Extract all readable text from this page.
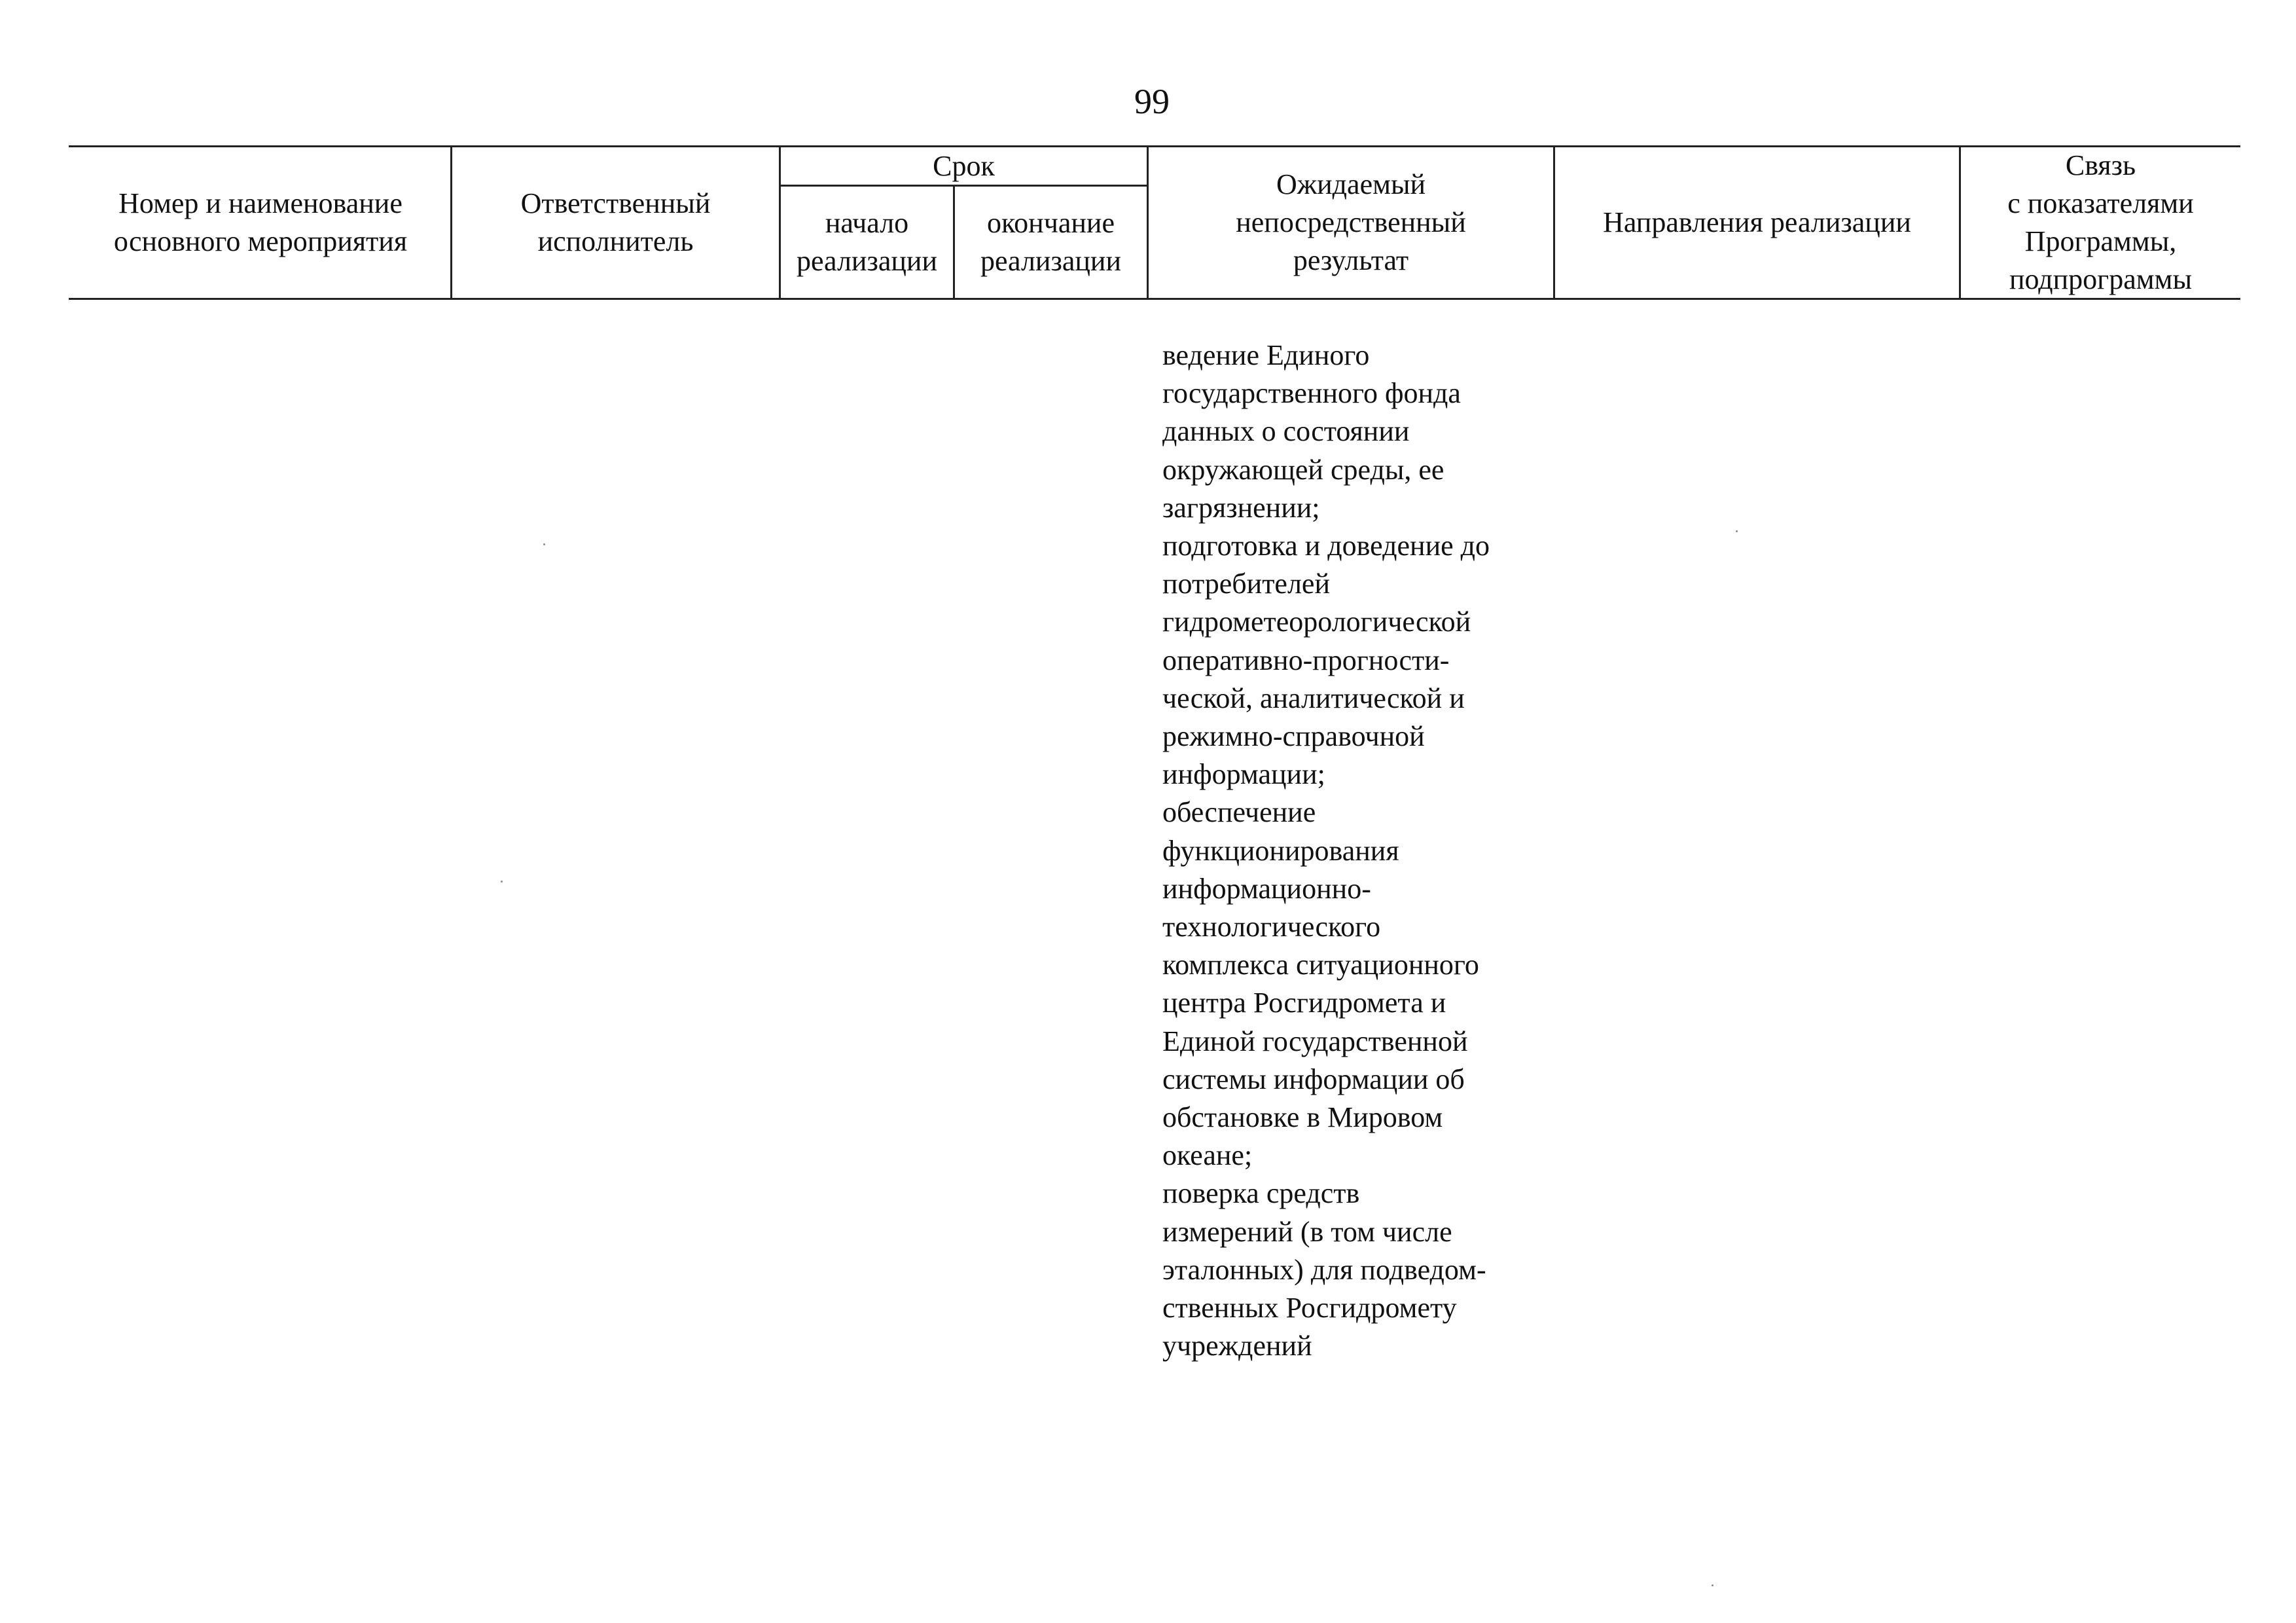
99
Номер и наименование
основного мероприятия
Ответственный
исполнитель
Срок
начало
реализации
окончание
реализации
Ожидаемый
непосредственный
результат
Направления реализации
Связь
с показателями
Программы,
подпрограммы
ведение Единого
государственного фонда
данных о состоянии
окружающей среды, ее
загрязнении;
подготовка и доведение до
потребителей
гидрометеорологической
оперативно-прогности-
ческой, аналитической и
режимно-справочной
информации;
обеспечение
функционирования
информационно-
технологического
комплекса ситуационного
центра Росгидромета и
Единой государственной
системы информации об
обстановке в Мировом
океане;
поверка средств
измерений (в том числе
эталонных) для подведом-
ственных Росгидромету
учреждений
